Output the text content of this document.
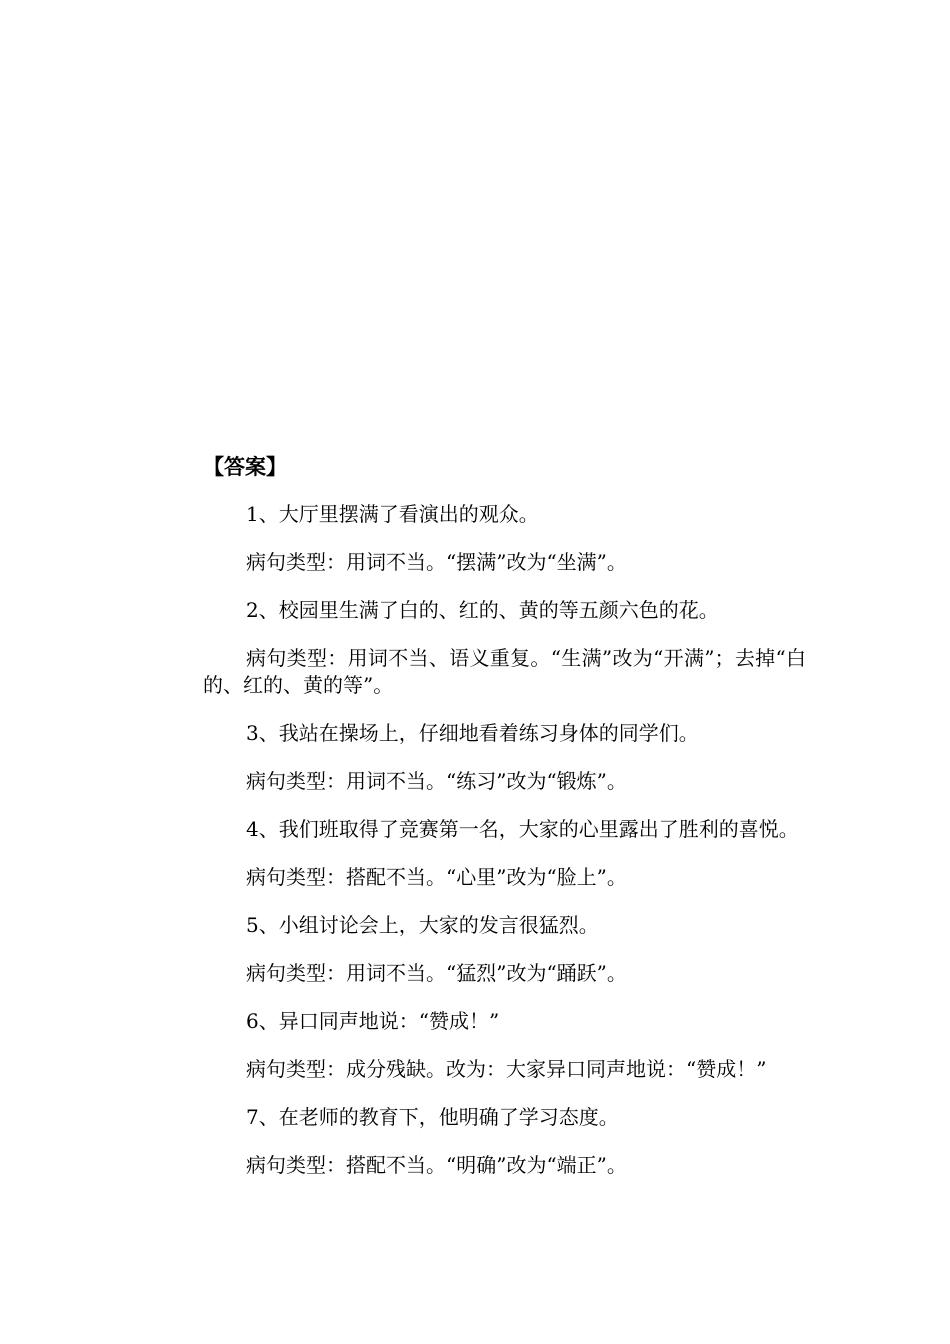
【答案】

1、大厅里摆满了看演出的观众。

病句类型：用词不当。“摆满”改为“坐满”。

2、校园里生满了白的、红的、黄的等五颜六色的花。

病句类型：用词不当、语义重复。“生满”改为“开满”；去掉“白的、红的、黄的等”。

3、我站在操场上，仔细地看着练习身体的同学们。

病句类型：用词不当。“练习”改为“锻炼”。

4、我们班取得了竞赛第一名，大家的心里露出了胜利的喜悦。

病句类型：搭配不当。“心里”改为“脸上”。

5、小组讨论会上，大家的发言很猛烈。

病句类型：用词不当。“猛烈”改为“踊跃”。

6、异口同声地说：“赞成！”

病句类型：成分残缺。改为：大家异口同声地说：“赞成！”

7、在老师的教育下，他明确了学习态度。

病句类型：搭配不当。“明确”改为“端正”。
